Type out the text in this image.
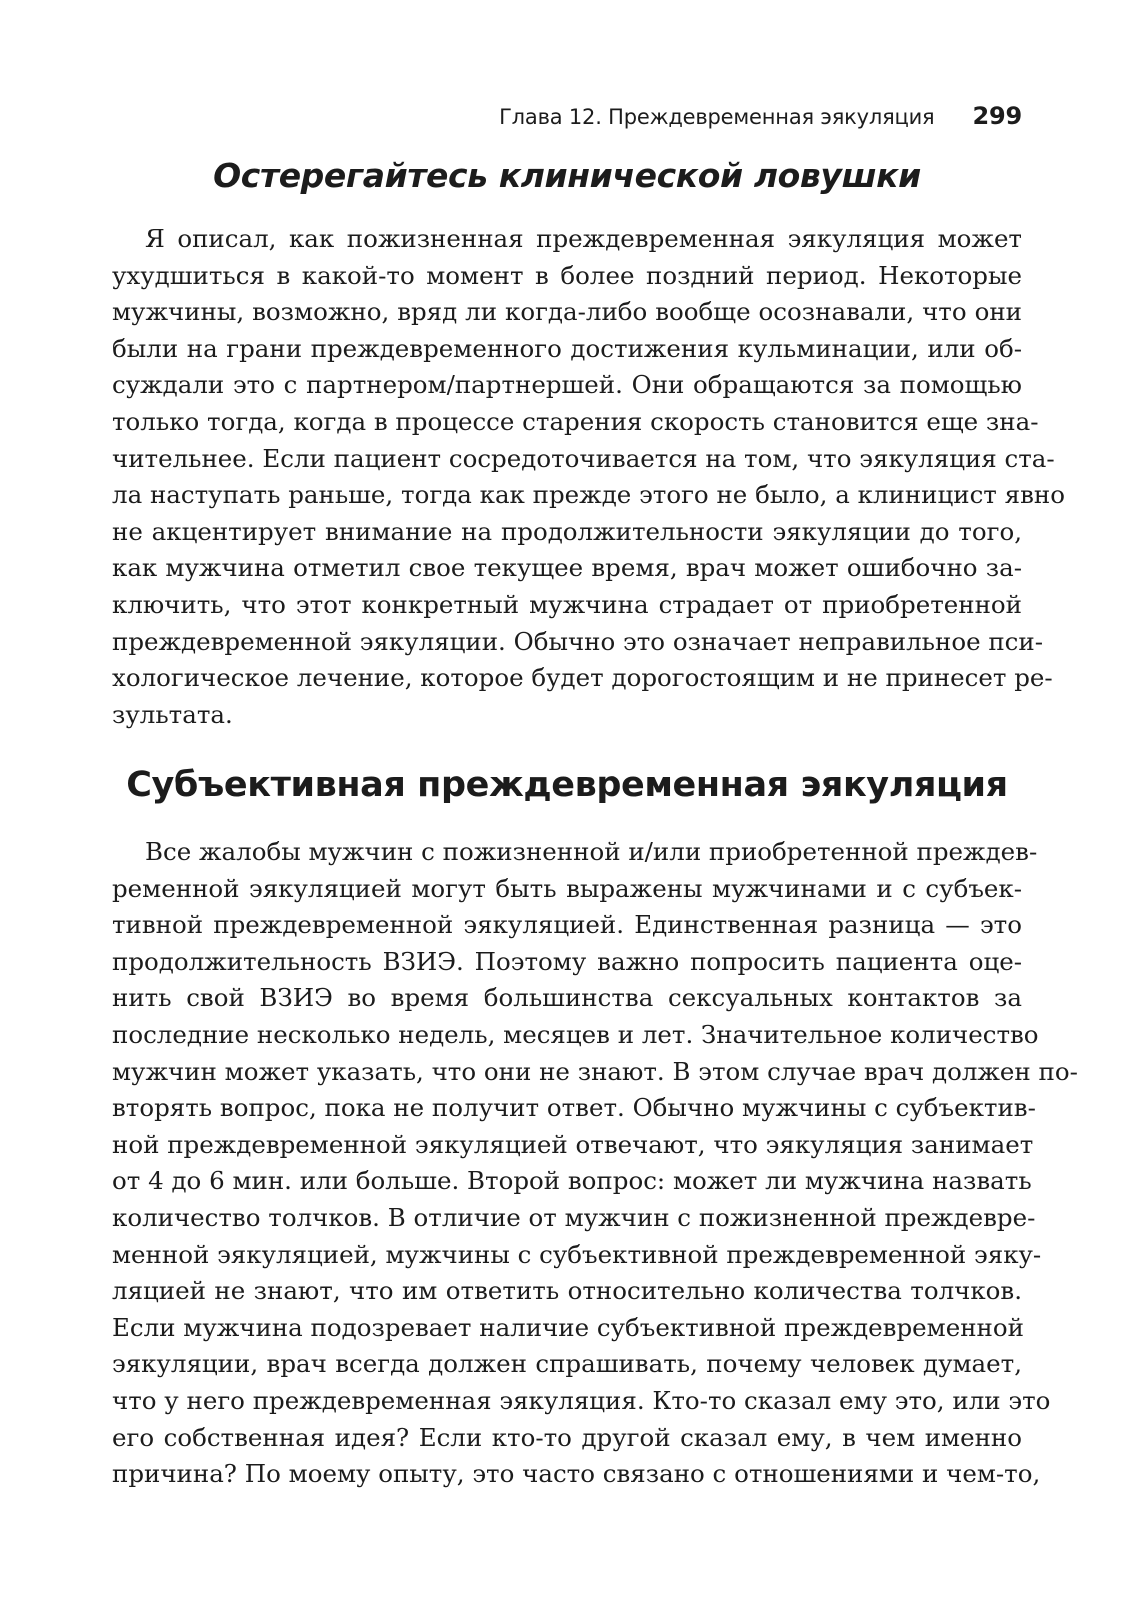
Глава 12. Преждевременная эякуляция 299
Остерегайтесь клинической ловушки

Я описал, как пожизненная преждевременная эякуляция может
ухудшиться в какой-то момент в более поздний период. Некоторые
мужчины, возможно, вряд ли когда-либо вообще осознавали, что они
были на грани преждевременного достижения кульминации, или об-
суждали это с партнером/партнершей. Они обращаются за помощью
только тогда, когда в процессе старения скорость становится еще зна-
чительнее. Если пациент сосредоточивается на том, что эякуляция ста-
ла наступать раньше, тогда как прежде этого не было, а клиницист явно
не акцентирует внимание на продолжительности эякуляции до того,
как мужчина отметил свое текущее время, врач может ошибочно за-
ключить, что этот конкретный мужчина страдает от приобретенной
преждевременной эякуляции. Обычно это означает неправильное пси-
хологическое лечение, которое будет дорогостоящим и не принесет ре-
зультата.

Субъективная преждевременная эякуляция

Все жалобы мужчин с пожизненной и/или приобретенной преждев-
ременной эякуляцией могут быть выражены мужчинами и с субъек-
тивной преждевременной эякуляцией. Единственная разница — это
продолжительность ВЗИЭ. Поэтому важно попросить пациента оце-
нить свой ВЗИЭ во время большинства сексуальных контактов за
последние несколько недель, месяцев и лет. Значительное количество
мужчин может указать, что они не знают. В этом случае врач должен по-
вторять вопрос, пока не получит ответ. Обычно мужчины с субъектив-
ной преждевременной эякуляцией отвечают, что эякуляция занимает
от 4 до 6 мин. или больше. Второй вопрос: может ли мужчина назвать
количество толчков. В отличие от мужчин с пожизненной преждевре-
менной эякуляцией, мужчины с субъективной преждевременной эяку-
ляцией не знают, что им ответить относительно количества толчков.
Если мужчина подозревает наличие субъективной преждевременной
эякуляции, врач всегда должен спрашивать, почему человек думает,
что у него преждевременная эякуляция. Кто-то сказал ему это, или это
его собственная идея? Если кто-то другой сказал ему, в чем именно
причина? По моему опыту, это часто связано с отношениями и чем-то,
